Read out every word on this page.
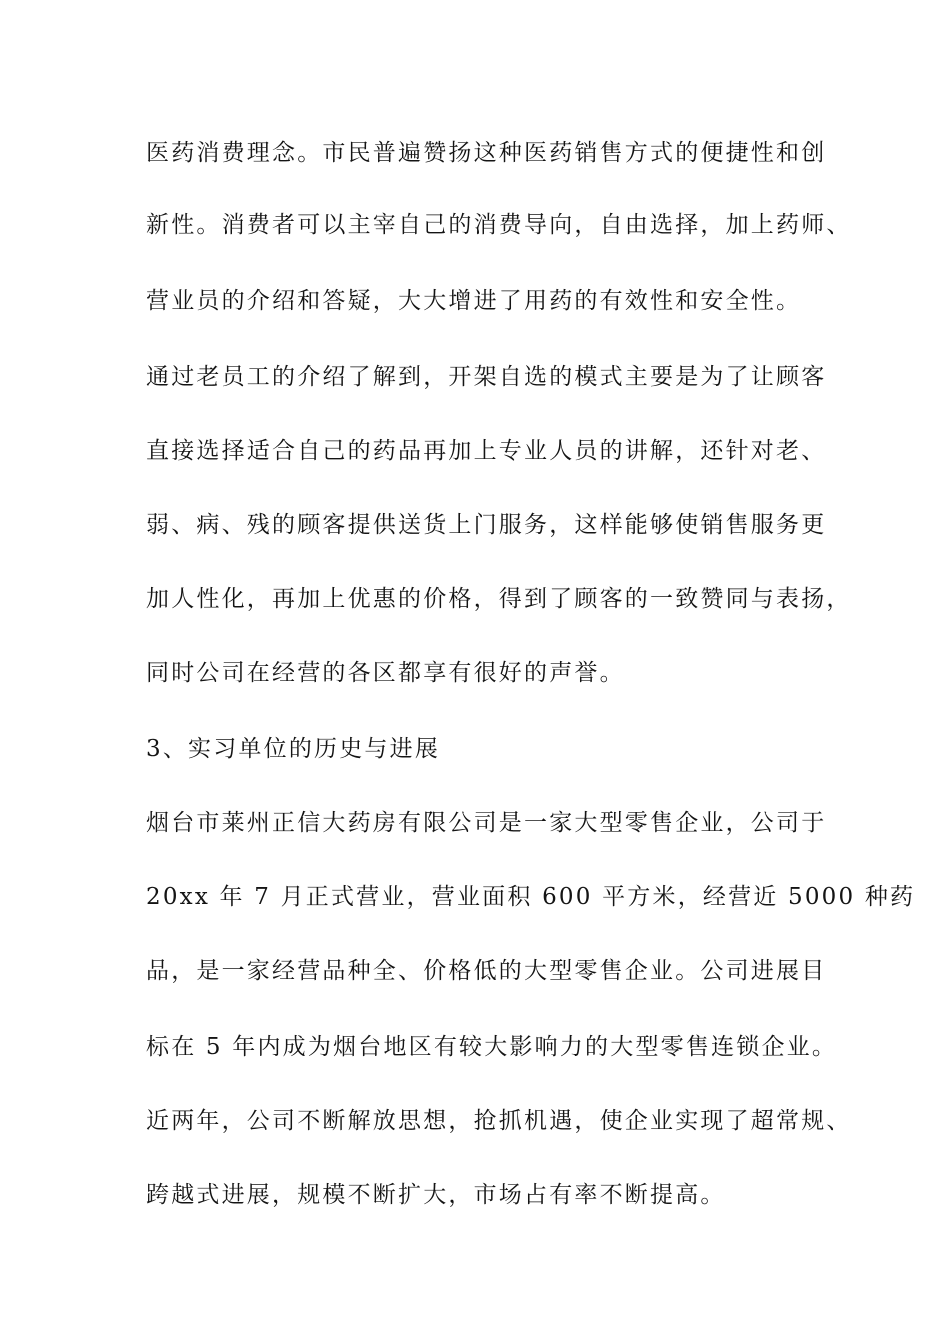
医药消费理念。市民普遍赞扬这种医药销售方式的便捷性和创
新性。消费者可以主宰自己的消费导向，自由选择，加上药师、
营业员的介绍和答疑，大大增进了用药的有效性和安全性。
通过老员工的介绍了解到，开架自选的模式主要是为了让顾客
直接选择适合自己的药品再加上专业人员的讲解，还针对老、
弱、病、残的顾客提供送货上门服务，这样能够使销售服务更
加人性化，再加上优惠的价格，得到了顾客的一致赞同与表扬，
同时公司在经营的各区都享有很好的声誉。
3、实习单位的历史与进展
烟台市莱州正信大药房有限公司是一家大型零售企业，公司于
20xx 年 7 月正式营业，营业面积 600 平方米，经营近 5000 种药
品，是一家经营品种全、价格低的大型零售企业。公司进展目
标在 5 年内成为烟台地区有较大影响力的大型零售连锁企业。
近两年，公司不断解放思想，抢抓机遇，使企业实现了超常规、
跨越式进展，规模不断扩大，市场占有率不断提高。
